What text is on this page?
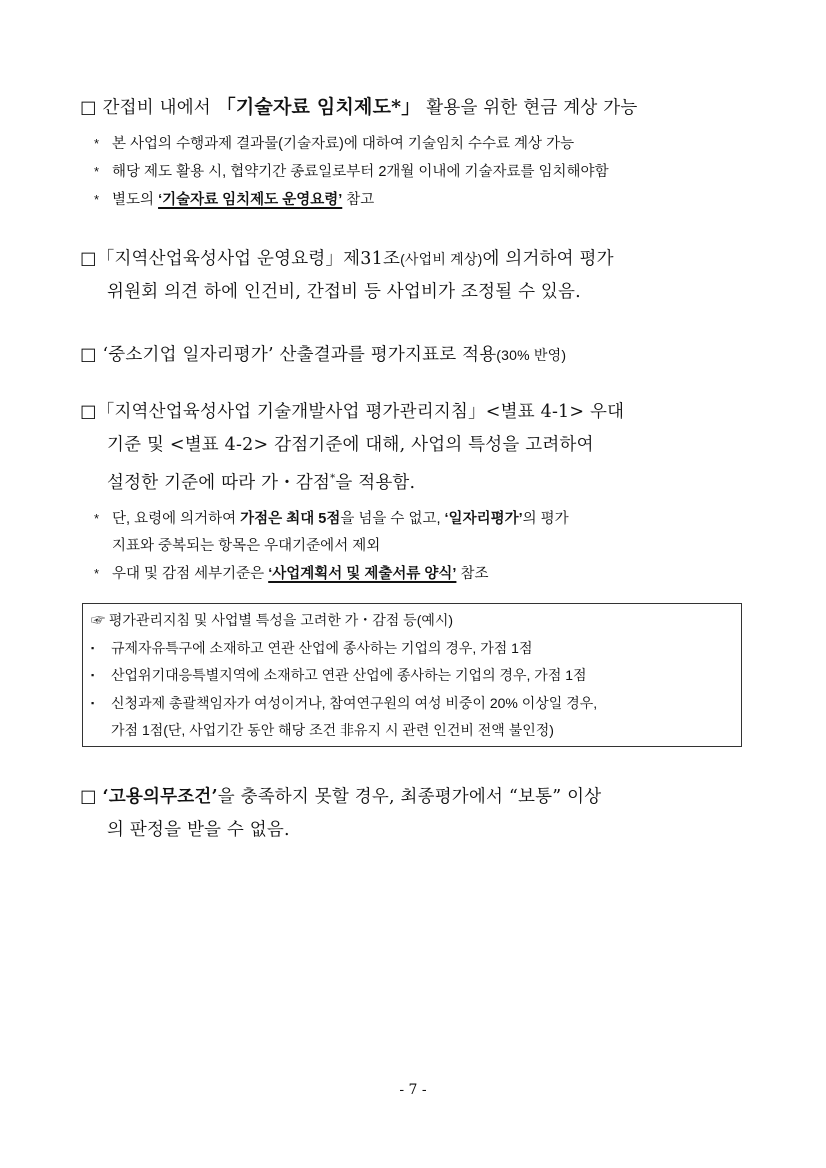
□ 간접비 내에서 「기술자료 임치제도*」 활용을 위한 현금 계상 가능
* 본 사업의 수행과제 결과물(기술자료)에 대하여 기술임치 수수료 계상 가능
* 해당 제도 활용 시, 협약기간 종료일로부터 2개월 이내에 기술자료를 임치해야함
* 별도의 ‘기술자료 임치제도 운영요령’ 참고
□「지역산업육성사업 운영요령」제31조(사업비 계상)에 의거하여 평가
위원회 의견 하에 인건비, 간접비 등 사업비가 조정될 수 있음.
□ ‘중소기업 일자리평가’ 산출결과를 평가지표로 적용(30% 반영)
□「지역산업육성사업 기술개발사업 평가관리지침」<별표 4-1> 우대
기준 및 <별표 4-2> 감점기준에 대해, 사업의 특성을 고려하여
설정한 기준에 따라 가・감점*을 적용함.
* 단, 요령에 의거하여 가점은 최대 5점을 넘을 수 없고, ‘일자리평가’의 평가
지표와 중복되는 항목은 우대기준에서 제외
* 우대 및 감점 세부기준은 ‘사업계획서 및 제출서류 양식’ 참조
☞ 평가관리지침 및 사업별 특성을 고려한 가・감점 등(예시)
▪	규제자유특구에 소재하고 연관 산업에 종사하는 기업의 경우, 가점 1점
▪	산업위기대응특별지역에 소재하고 연관 산업에 종사하는 기업의 경우, 가점 1점
▪	신청과제 총괄책임자가 여성이거나, 참여연구원의 여성 비중이 20% 이상일 경우,
가점 1점(단, 사업기간 동안 해당 조건 非유지 시 관련 인건비 전액 불인정)
□ ‘고용의무조건’을 충족하지 못할 경우, 최종평가에서 “보통” 이상
의 판정을 받을 수 없음.
- 7 -
